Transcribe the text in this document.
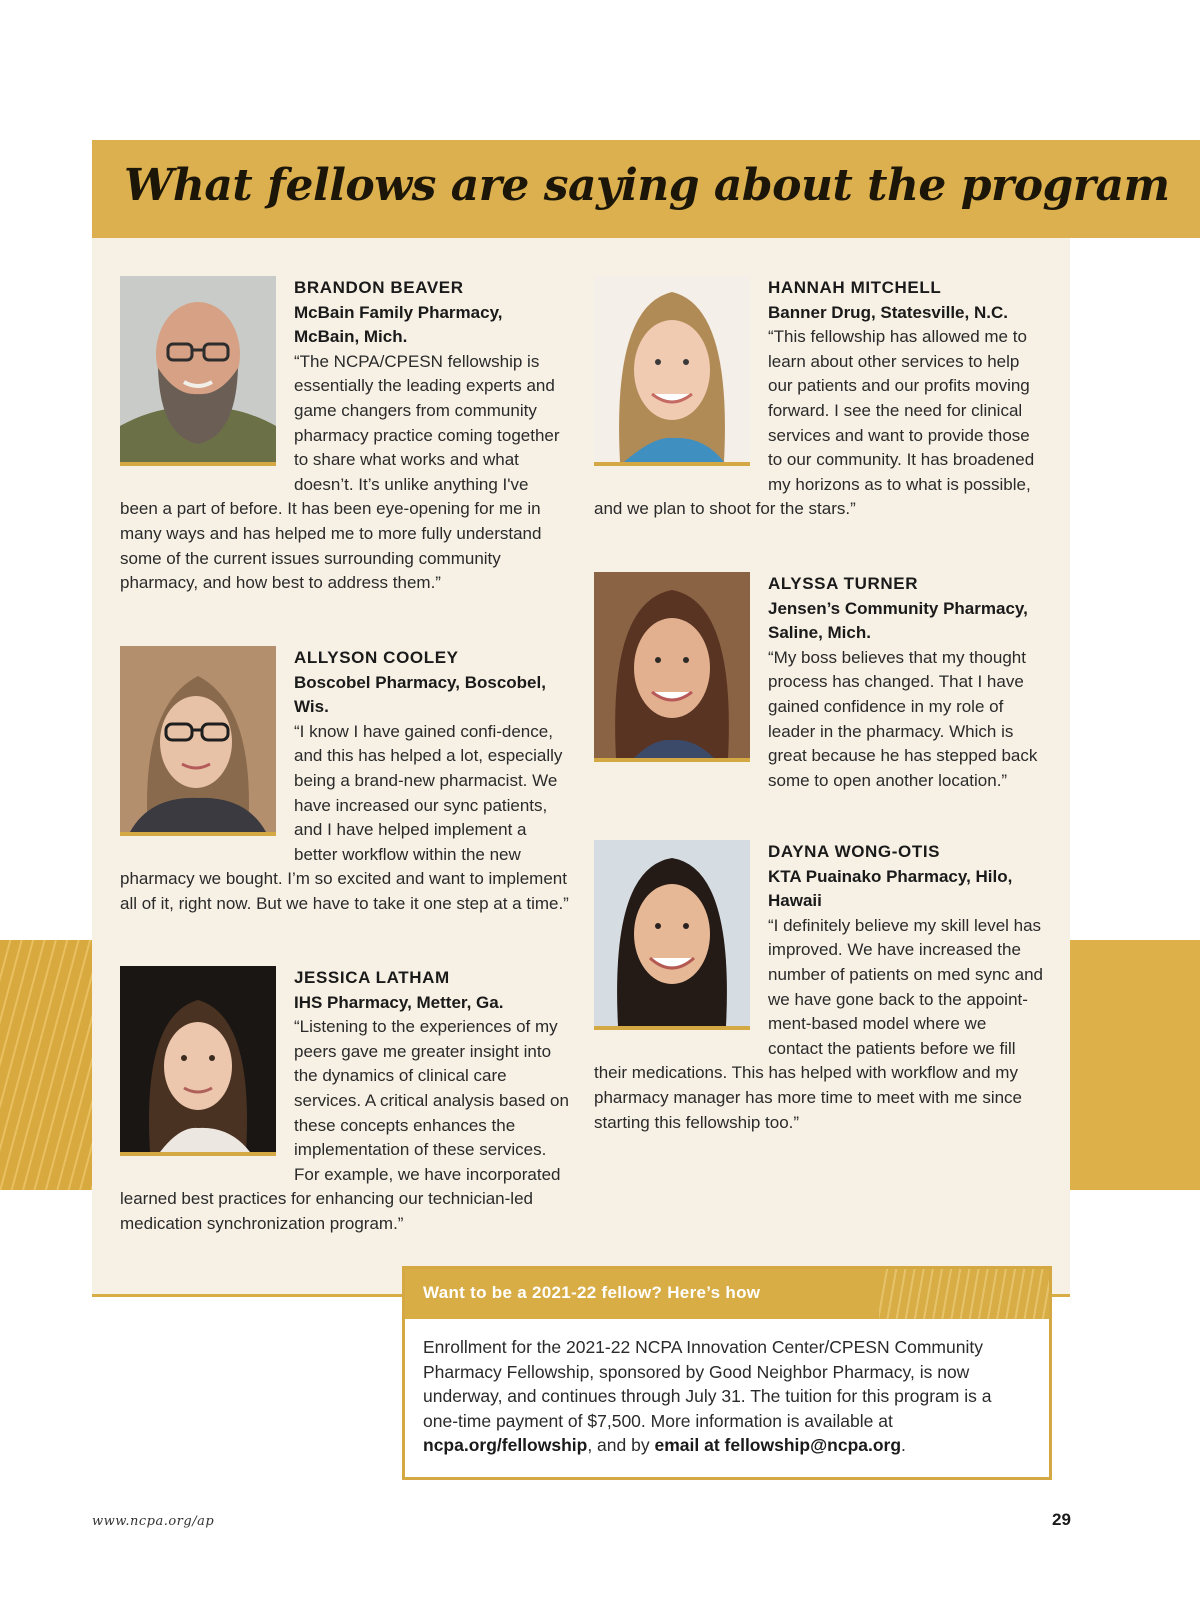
What fellows are saying about the program
BRANDON BEAVER
McBain Family Pharmacy, McBain, Mich.
“The NCPA/CPESN fellowship is essentially the leading experts and game changers from community pharmacy practice coming together to share what works and what doesn’t. It’s unlike anything I've been a part of before. It has been eye-opening for me in many ways and has helped me to more fully understand some of the current issues surrounding community pharmacy, and how best to address them.”
ALLYSON COOLEY
Boscobel Pharmacy, Boscobel, Wis.
“I know I have gained confi-dence, and this has helped a lot, especially being a brand-new pharmacist. We have increased our sync patients, and I have helped implement a better workflow within the new pharmacy we bought. I’m so excited and want to implement all of it, right now. But we have to take it one step at a time.”
JESSICA LATHAM
IHS Pharmacy, Metter, Ga.
“Listening to the experiences of my peers gave me greater insight into the dynamics of clinical care services. A critical analysis based on these concepts enhances the implementation of these services. For example, we have incorporated learned best practices for enhancing our technician-led medication synchronization program.”
HANNAH MITCHELL
Banner Drug, Statesville, N.C.
“This fellowship has allowed me to learn about other services to help our patients and our profits moving forward. I see the need for clinical services and want to provide those to our community. It has broadened my horizons as to what is possible, and we plan to shoot for the stars.”
ALYSSA TURNER
Jensen’s Community Pharmacy, Saline, Mich.
“My boss believes that my thought process has changed. That I have gained confidence in my role of leader in the pharmacy. Which is great because he has stepped back some to open another location.”
DAYNA WONG-OTIS
KTA Puainako Pharmacy, Hilo, Hawaii
“I definitely believe my skill level has improved. We have increased the number of patients on med sync and we have gone back to the appoint-ment-based model where we contact the patients before we fill their medications. This has helped with workflow and my pharmacy manager has more time to meet with me since starting this fellowship too.”
Want to be a 2021-22 fellow? Here’s how
Enrollment for the 2021-22 NCPA Innovation Center/CPESN Community Pharmacy Fellowship, sponsored by Good Neighbor Pharmacy, is now underway, and continues through July 31. The tuition for this program is a one-time payment of $7,500. More information is available at ncpa.org/fellowship, and by email at fellowship@ncpa.org.
www.ncpa.org/ap	29
